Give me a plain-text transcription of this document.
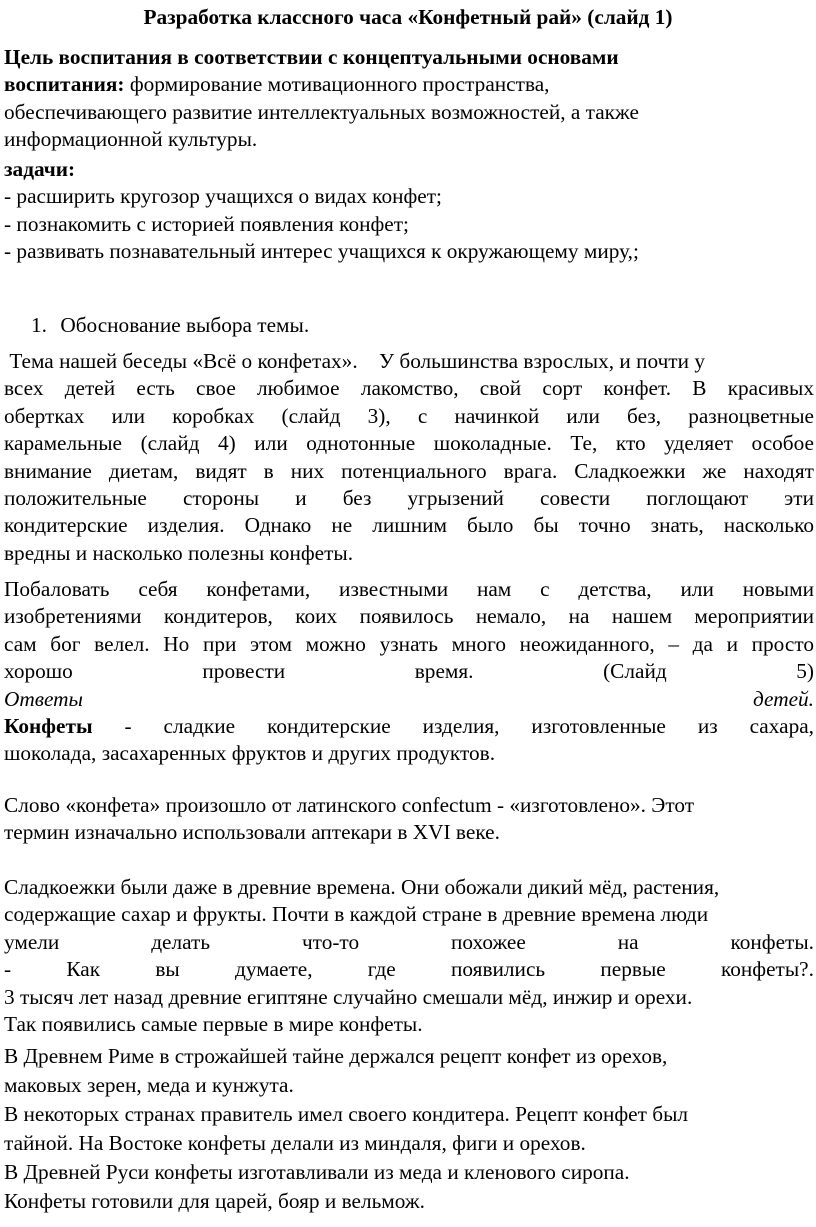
Разработка классного часа «Конфетный рай» (слайд 1)
Цель воспитания в соответствии с концептуальными основами
воспитания: формирование мотивационного пространства,
обеспечивающего развитие интеллектуальных возможностей, а также
информационной культуры.
задачи:
- расширить кругозор учащихся о видах конфет;
- познакомить с историей появления конфет;
- развивать познавательный интерес учащихся к окружающему миру,;
1. Обоснование выбора темы.
Тема нашей беседы «Всё о конфетах».    У большинства взрослых, и почти у
всех детей есть свое любимое лакомство, свой сорт конфет. В красивых
обертках или коробках (слайд 3), с начинкой или без, разноцветные
карамельные (слайд 4) или однотонные шоколадные. Те, кто уделяет особое
внимание диетам, видят в них потенциального врага. Сладкоежки же находят
положительные стороны и без угрызений совести поглощают эти
кондитерские изделия. Однако не лишним было бы точно знать, насколько
вредны и насколько полезны конфеты.
Побаловать себя конфетами, известными нам с детства, или новыми
изобретениями кондитеров, коих появилось немало, на нашем мероприятии
сам бог велел. Но при этом можно узнать много неожиданного, – да и просто
хорошо	провести	время.	(Слайд	5)
Ответы	детей.
Конфеты - сладкие кондитерские изделия, изготовленные из сахара,
шоколада, засахаренных фруктов и других продуктов.
Слово «конфета» произошло от латинского confectum - «изготовлено». Этот
термин изначально использовали аптекари в XVI веке.
Сладкоежки были даже в древние времена. Они обожали дикий мёд, растения,
содержащие сахар и фрукты. Почти в каждой стране в древние времена люди
умели	делать	что-то	похожее	на	конфеты.
-	Как	вы	думаете,	где	появились	первые	конфеты?.
3 тысяч лет назад древние египтяне случайно смешали мёд, инжир и орехи.
Так появились самые первые в мире конфеты.
В Древнем Риме в строжайшей тайне держался рецепт конфет из орехов,
маковых зерен, меда и кунжута.
В некоторых странах правитель имел своего кондитера. Рецепт конфет был
тайной. На Востоке конфеты делали из миндаля, фиги и орехов.
В Древней Руси конфеты изготавливали из меда и кленового сиропа.
Конфеты готовили для царей, бояр и вельмож.
